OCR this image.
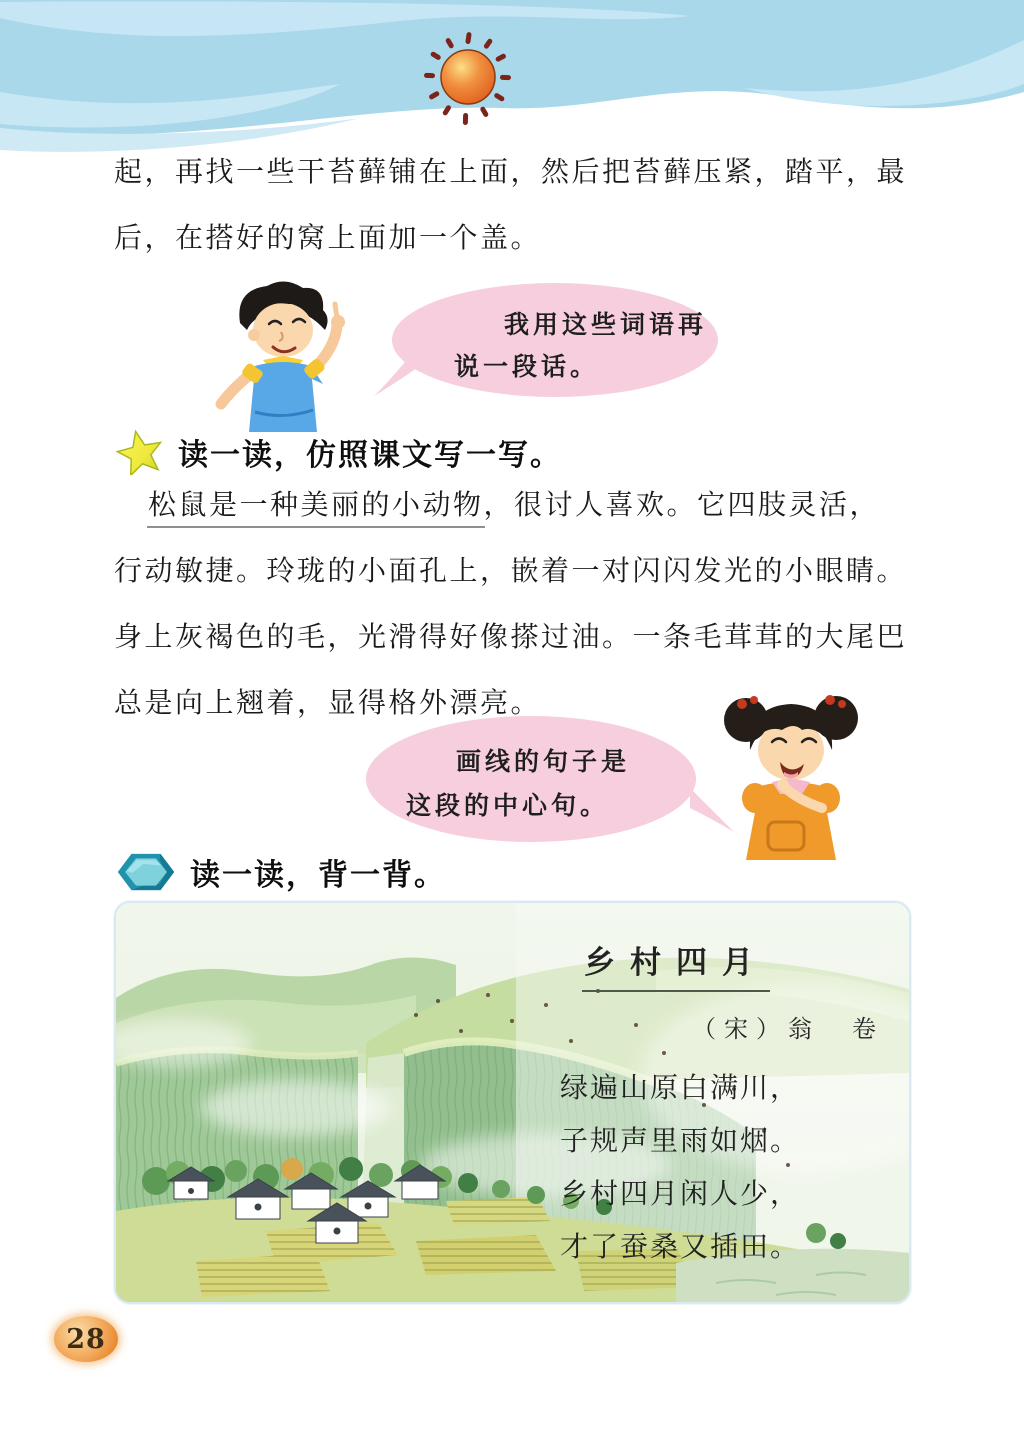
起，再找一些干苔藓铺在上面，然后把苔藓压紧，踏平，最
后，在搭好的窝上面加一个盖。
我用这些词语再
说一段话。
读一读，仿照课文写一写。
松鼠是一种美丽的小动物，很讨人喜欢。它四肢灵活，
行动敏捷。玲珑的小面孔上，嵌着一对闪闪发光的小眼睛。
身上灰褐色的毛，光滑得好像搽过油。一条毛茸茸的大尾巴
总是向上翘着，显得格外漂亮。
画线的句子是
这段的中心句。
读一读，背一背。
乡村四月
（宋）翁　卷
绿遍山原白满川，
子规声里雨如烟。
乡村四月闲人少，
才了蚕桑又插田。
28
